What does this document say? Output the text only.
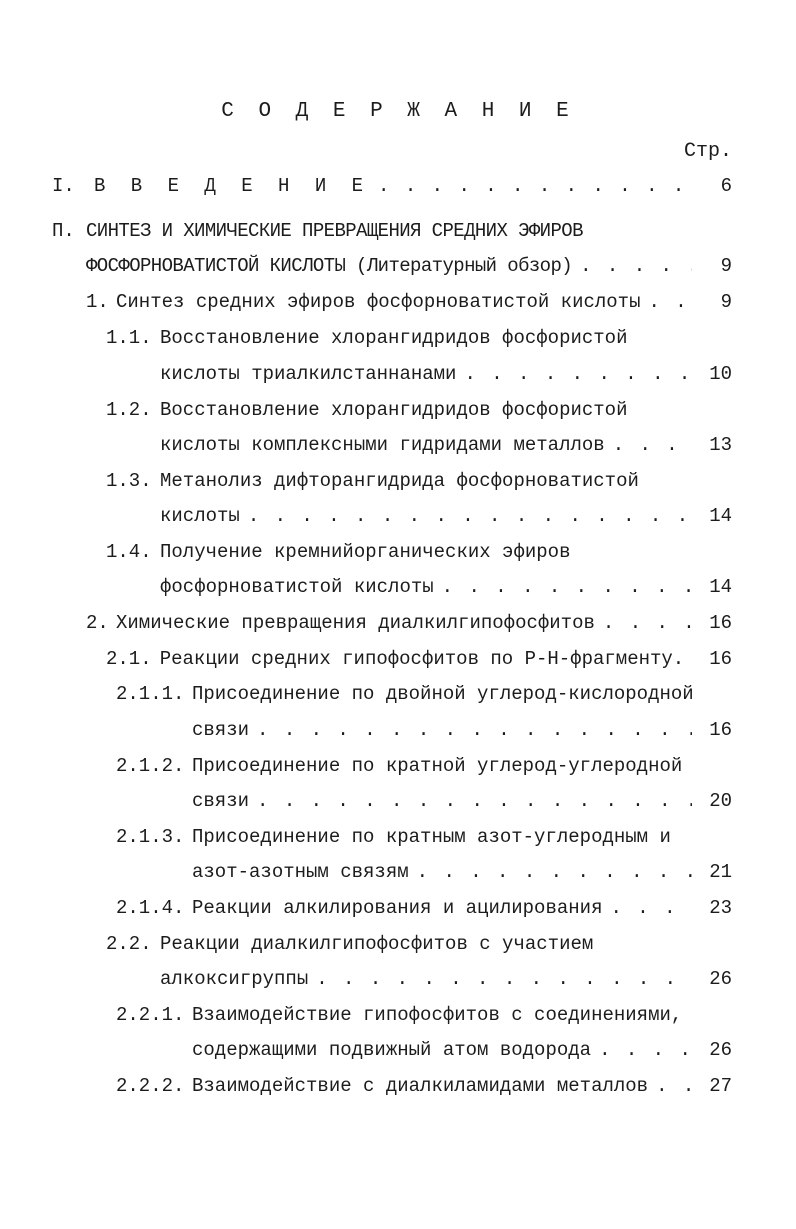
С О Д Е Р Ж А Н И Е
Стр.
I.	В В Е Д Е Н И Е . . .	6
П. СИНТЕЗ И ХИМИЧЕСКИЕ ПРЕВРАЩЕНИЯ СРЕДНИХ ЭФИРОВ
ФОСФОРНОВАТИСТОЙ КИСЛОТЫ (Литературный обзор) . . .	9
1. Синтез средних эфиров фосфорноватистой кислоты . . .	9
1.1. Восстановление хлорангидридов фосфористой
кислоты триалкилстаннанами . . .	10
1.2. Восстановление хлорангидридов фосфористой
кислоты комплексными гидридами металлов . . .	13
1.3. Метанолиз дифторангидрида фосфорноватистой
кислоты . . .	14
1.4. Получение кремнийорганических эфиров
фосфорноватистой кислоты . . .	14
2. Химические превращения диалкилгипофосфитов . . .	16
2.1. Реакции средних гипофосфитов по Р-Н-фрагменту. . . .	16
2.1.1. Присоединение по двойной углерод-кислородной
связи . . .	16
2.1.2. Присоединение по кратной углерод-углеродной
связи . . .	20
2.1.3. Присоединение по кратным азот-углеродным и
азот-азотным связям . . .	21
2.1.4. Реакции алкилирования и ацилирования . . .	23
2.2. Реакции диалкилгипофосфитов с участием
алкоксигруппы . . .	26
2.2.1. Взаимодействие гипофосфитов с соединениями,
содержащими подвижный атом водорода . . .	26
2.2.2. Взаимодействие с диалкиламидами металлов . . .	27
